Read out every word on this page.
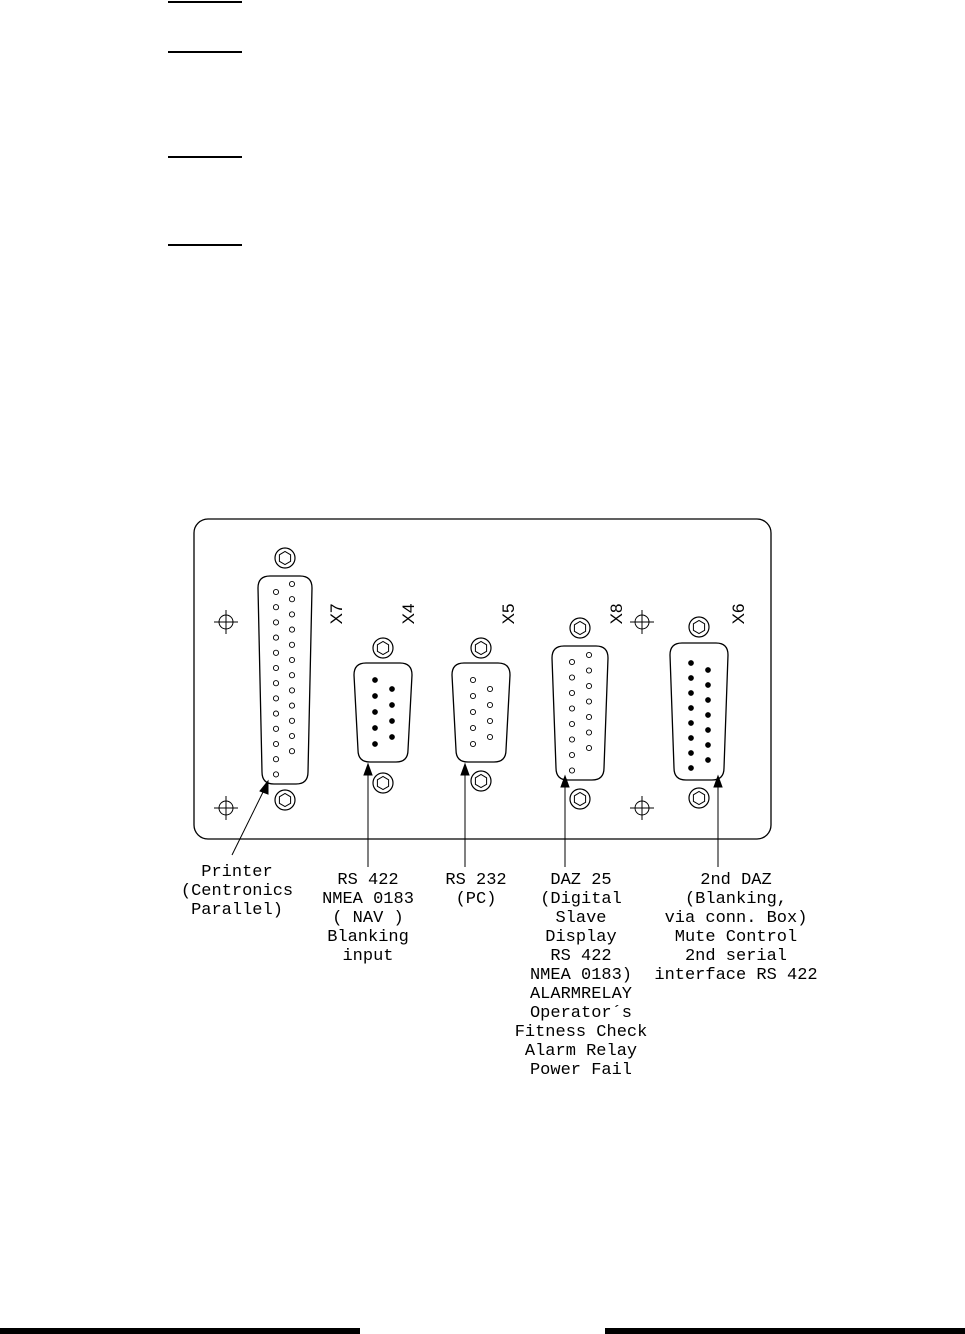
X7	X4	X5	X8	X6
Printer
(Centronics
Parallel)
RS 422
NMEA 0183
( NAV )
Blanking
input
RS 232
(PC)
DAZ 25
(Digital
Slave
Display
RS 422
NMEA 0183)
ALARMRELAY
Operator´s
Fitness Check
Alarm Relay
Power Fail
2nd DAZ
(Blanking,
via conn. Box)
Mute Control
2nd serial
interface RS 422
